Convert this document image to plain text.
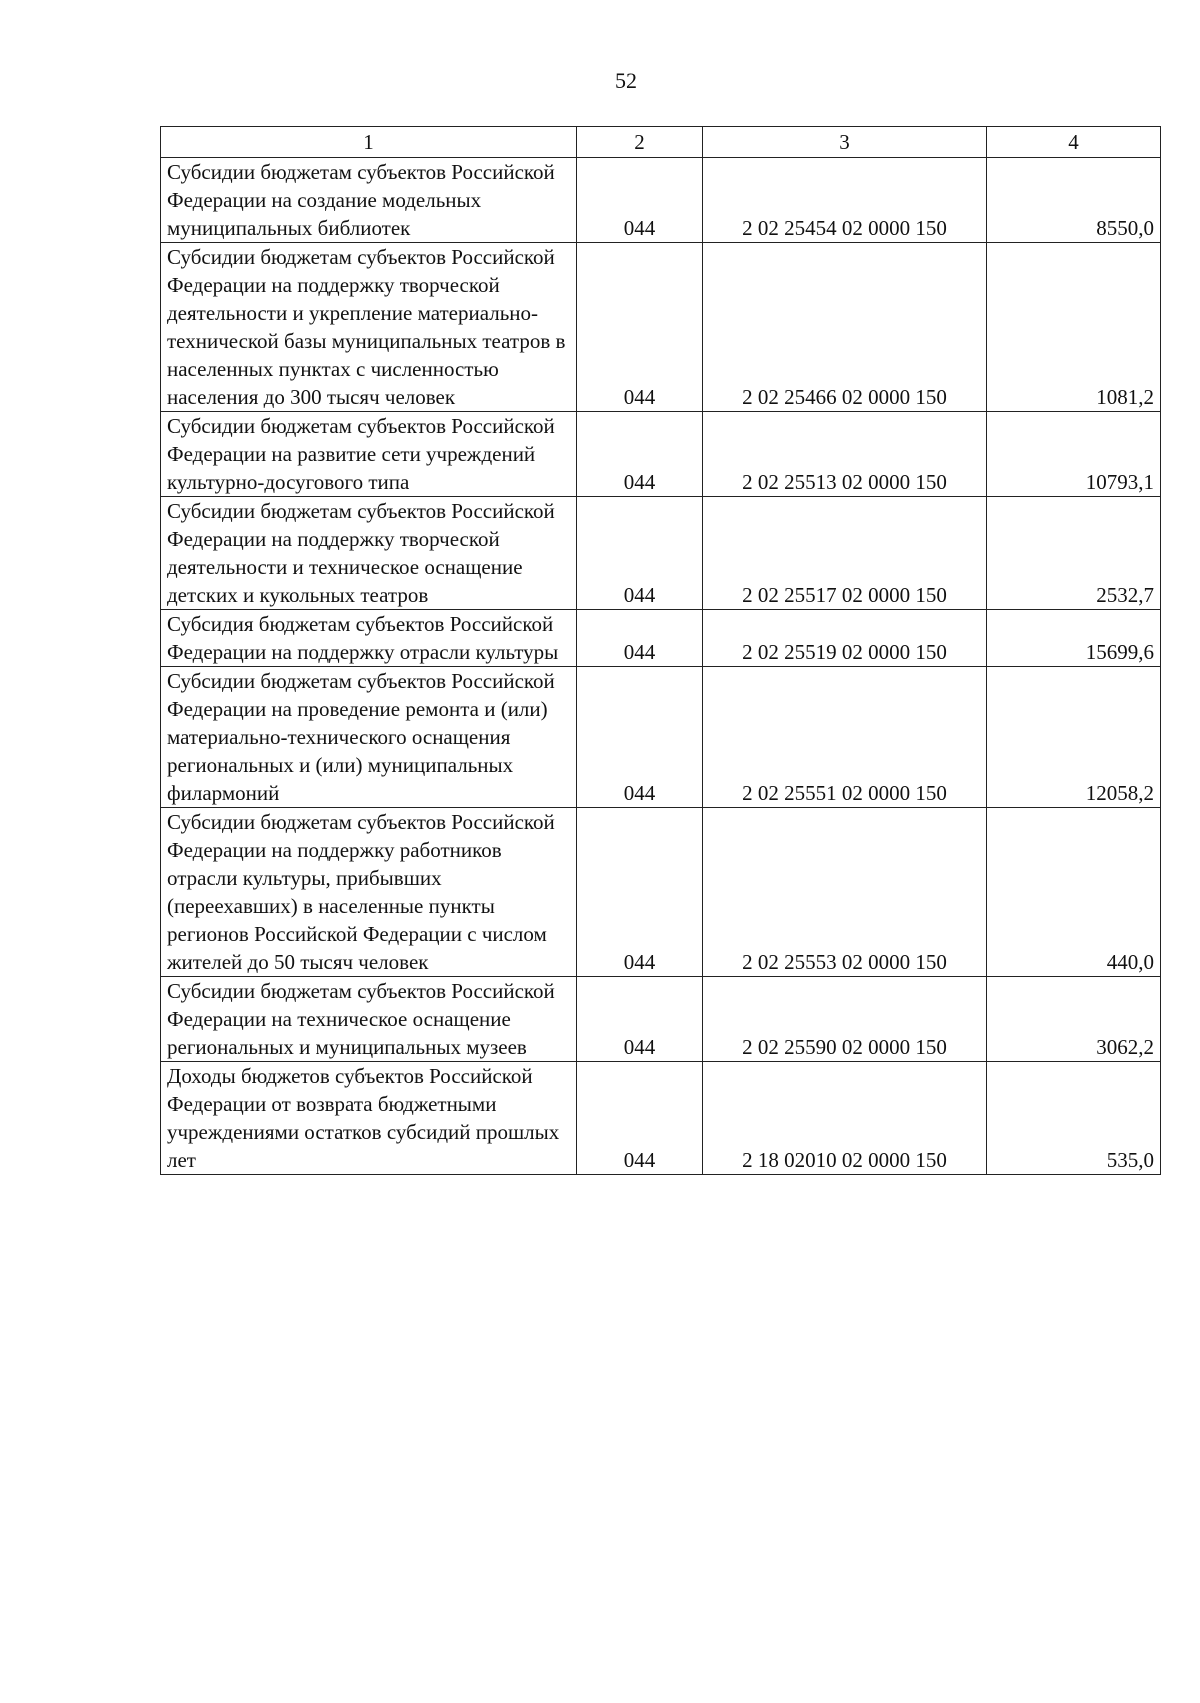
52
1	2	3	4
Субсидии бюджетам субъектов Российской Федерации на создание модельных муниципальных библиотек	044	2 02 25454 02 0000 150	8550,0
Субсидии бюджетам субъектов Российской Федерации на поддержку творческой деятельности и укрепление материально-технической базы муниципальных театров в населенных пунктах с численностью населения до 300 тысяч человек	044	2 02 25466 02 0000 150	1081,2
Субсидии бюджетам субъектов Российской Федерации на развитие сети учреждений культурно-досугового типа	044	2 02 25513 02 0000 150	10793,1
Субсидии бюджетам субъектов Российской Федерации на поддержку творческой деятельности и техническое оснащение детских и кукольных театров	044	2 02 25517 02 0000 150	2532,7
Субсидия бюджетам субъектов Российской Федерации на поддержку отрасли культуры	044	2 02 25519 02 0000 150	15699,6
Субсидии бюджетам субъектов Российской Федерации на проведение ремонта и (или) материально-технического оснащения региональных и (или) муниципальных филармоний	044	2 02 25551 02 0000 150	12058,2
Субсидии бюджетам субъектов Российской Федерации на поддержку работников отрасли культуры, прибывших (переехавших) в населенные пункты регионов Российской Федерации с числом жителей до 50 тысяч человек	044	2 02 25553 02 0000 150	440,0
Субсидии бюджетам субъектов Российской Федерации на техническое оснащение региональных и муниципальных музеев	044	2 02 25590 02 0000 150	3062,2
Доходы бюджетов субъектов Российской Федерации от возврата бюджетными учреждениями остатков субсидий прошлых лет	044	2 18 02010 02 0000 150	535,0
